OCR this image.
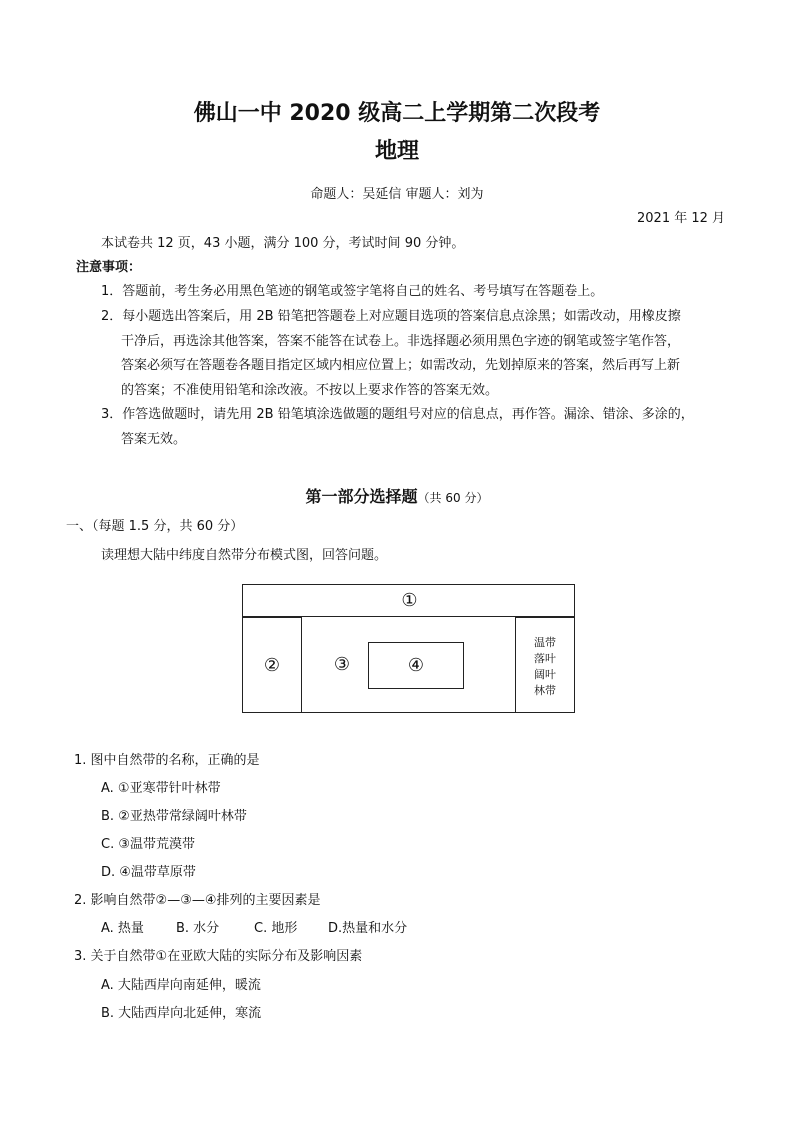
佛山一中 2020 级高二上学期第二次段考
地理
命题人：吴延信 审题人：刘为
2021 年 12 月
本试卷共 12 页，43 小题，满分 100 分，考试时间 90 分钟。
注意事项：
1．答题前，考生务必用黑色笔迹的钢笔或签字笔将自己的姓名、考号填写在答题卷上。
2．每小题选出答案后，用 2B 铅笔把答题卷上对应题目选项的答案信息点涂黑；如需改动，用橡皮擦
干净后，再选涂其他答案，答案不能答在试卷上。非选择题必须用黑色字迹的钢笔或签字笔作答，
答案必须写在答题卷各题目指定区域内相应位置上；如需改动，先划掉原来的答案，然后再写上新
的答案；不准使用铅笔和涂改液。不按以上要求作答的答案无效。
3．作答选做题时，请先用 2B 铅笔填涂选做题的题组号对应的信息点，再作答。漏涂、错涂、多涂的，
答案无效。
第一部分选择题（共 60 分）
一、（每题 1.5 分，共 60 分）
读理想大陆中纬度自然带分布模式图，回答问题。
①
②	③	④
温带
落叶
阔叶
林带
1. 图中自然带的名称，正确的是
A. ①亚寒带针叶林带
B. ②亚热带常绿阔叶林带
C. ③温带荒漠带
D. ④温带草原带
2. 影响自然带②—③—④排列的主要因素是
A. 热量 B. 水分	C. 地形 D.热量和水分
3. 关于自然带①在亚欧大陆的实际分布及影响因素
A. 大陆西岸向南延伸，暖流
B. 大陆西岸向北延伸，寒流
